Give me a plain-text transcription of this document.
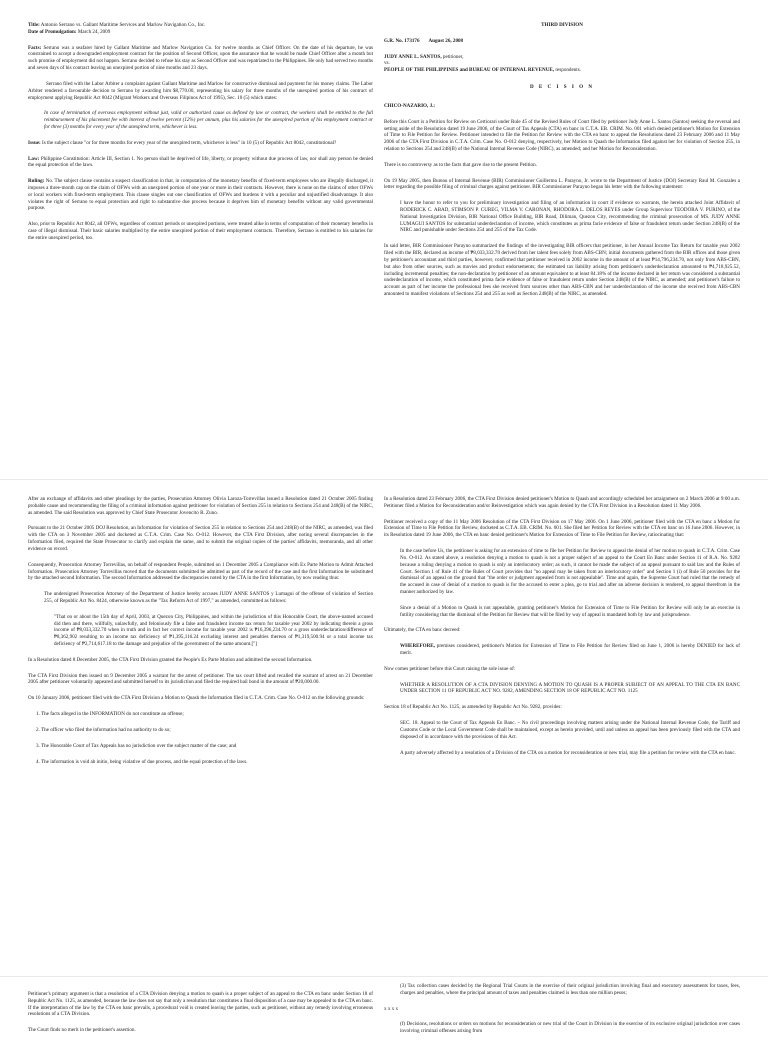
Title: Antonio Serrano vs. Gallant Maritime Services and Marlow Navigation Co., Inc.

Date of Promulgation: March 24, 2009

Facts: Serrano was a seafarer hired by Gallant Maritime and Marlow Navigation Co. for twelve months as Chief Officer. On the date of his departure, he was constrained to accept a downgraded employment contract for the position of Second Officer, upon the assurance that he would be made Chief Officer after a month but such promise of employment did not happen. Serrano decided to refuse his stay as Second Officer and was repatriated to the Philippines. He only had served two months and seven days of his contract leaving an unexpired portion of nine months and 23 days.

Serrano filed with the Labor Arbiter a complaint against Gallant Maritime and Marlow for constructive dismissal and payment for his money claims. The Labor Arbiter rendered a favourable decision to Serrano by awarding him $8,770.00, representing his salary for three months of the unexpired portion of his contract of employment applying Republic Act 8042 (Migrant Workers and Overseas Filipinos Act of 1995), Sec. 10 (5) which states:

In case of termination of overseas employment without just, valid or authorized cause as defined by law or contract, the workers shall be entitled to the full reimbursement of his placement fee with interest of twelve percent (12%) per annum, plus his salaries for the unexpired portion of his employment contract or for three (3) months for every year of the unexpired term, whichever is less.

Issue: Is the subject clause "or for three months for every year of the unexpired term, whichever is less" in 10 (5) of Republic Act 8042, constitutional?

Law: Philippine Constitution: Article III, Section 1. No person shall be deprived of life, liberty, or property without due process of law, nor shall any person be denied the equal protection of the laws.

Ruling: No. The subject clause contains a suspect classification in that, in computation of the monetary benefits of fixed-term employees who are illegally discharged, it imposes a three-month cap on the claim of OFWs with an unexpired portion of one year or more in their contracts. However, there is none on the claims of other OFWs or local workers with fixed-term employment. This clause singles out one classification of OFWs and burdens it with a peculiar and unjustified disadvantage. It also violates the right of Serrano to equal protection and right to substantive due process because it deprives him of monetary benefits without any valid governmental purpose.

Also, prior to Republic Act 8042, all OFWs, regardless of contract periods or unexpired portions, were treated alike in terms of computation of their monetary benefits in case of illegal dismissal. Their basic salaries multiplied by the entire unexpired portion of their employment contracts. Therefore, Serrano is entitled to his salaries for the entire unexpired period, too.

THIRD DIVISION

G.R. No. 173176 August 26, 2008

JUDY ANNE L. SANTOS, petitioner,

vs.

PEOPLE OF THE PHILIPPINES and BUREAU OF INTERNAL REVENUE, respondents.

D E C I S I O N

CHICO-NAZARIO, J.:

Before this Court is a Petition for Review on Certiorari under Rule 45 of the Revised Rules of Court filed by petitioner Judy Anne L. Santos (Santos) seeking the reversal and setting aside of the Resolution dated 19 June 2006, of the Court of Tax Appeals (CTA) en banc in C.T.A. EB. CRIM. No. 001 which denied petitioner's Motion for Extension of Time to File Petition for Review. Petitioner intended to file the Petition for Review with the CTA en banc to appeal the Resolutions dated 23 February 2006 and 11 May 2006 of the CTA First Division in C.T.A. Crim. Case No. O-012 denying, respectively, her Motion to Quash the Information filed against her for violation of Section 255, in relation to Sections 254 and 248(B) of the National Internal Revenue Code (NIRC), as amended; and her Motion for Reconsideration.

There is no controversy as to the facts that gave rise to the present Petition.

On 19 May 2005, then Bureau of Internal Revenue (BIR) Commissioner Guillermo L. Parayno, Jr. wrote to the Department of Justice (DOJ) Secretary Raul M. Gonzales a letter regarding the possible filing of criminal charges against petitioner. BIR Commissioner Parayno began his letter with the following statement:

I have the honor to refer to you for preliminary investigation and filing of an information in court if evidence so warrants, the herein attached Joint Affidavit of RODERICK C. ABAD, STIMSON P. CUREG, VILMA V. CARONAN, RHODORA L. DELOS REYES under Group Supervisor TEODORA V. PURINO, of the National Investigation Division, BIR National Office Building, BIR Road, Diliman, Quezon City, recommending the criminal prosecution of MS. JUDY ANNE LUMAGUI SANTOS for substantial underdeclaration of income, which constitutes as prima facie evidence of false or fraudulent return under Section 248(B) of the NIRC and punishable under Sections 254 and 255 of the Tax Code.

In said letter, BIR Commissioner Parayno summarized the findings of the investigating BIR officers that petitioner, in her Annual Income Tax Return for taxable year 2002 filed with the BIR, declared an income of ₱8,033,332.70 derived from her talent fees solely from ABS-CBN; initial documents gathered from the BIR offices and those given by petitioner's accountant and third parties, however, confirmed that petitioner received in 2002 income in the amount of at least ₱14,796,234.70, not only from ABS-CBN, but also from other sources, such as movies and product endorsements; the estimated tax liability arising from petitioner's underdeclaration amounted to ₱4,718,925.52, including incremental penalties; the non-declaration by petitioner of an amount equivalent to at least 84.18% of the income declared in her return was considered a substantial underdeclaration of income, which constituted prima facie evidence of false or fraudulent return under Section 248(B) of the NIRC, as amended; and petitioner's failure to account as part of her income the professional fees she received from sources other than ABS-CBN and her underdeclaration of the income she received from ABS-CBN amounted to manifest violations of Sections 254 and 255 as well as Section 248(B) of the NIRC, as amended.

After an exchange of affidavits and other pleadings by the parties, Prosecution Attorney Olivia Laroza-Torrevillas issued a Resolution dated 21 October 2005 finding probable cause and recommending the filing of a criminal information against petitioner for violation of Section 255 in relation to Sections 254 and 248(B) of the NIRC, as amended. The said Resolution was approved by Chief State Prosecutor Jovencito R. Zuno.

Pursuant to the 21 October 2005 DOJ Resolution, an Information for violation of Section 255 in relation to Sections 254 and 248(B) of the NIRC, as amended, was filed with the CTA on 3 November 2005 and docketed as C.T.A. Crim. Case No. O-012. However, the CTA First Division, after noting several discrepancies in the Information filed, required the State Prosecutor to clarify and explain the same, and to submit the original copies of the parties' affidavits, memoranda, and all other evidence on record.

Consequently, Prosecution Attorney Torrevillas, on behalf of respondent People, submitted on 1 December 2005 a Compliance with Ex Parte Motion to Admit Attached Information. Prosecution Attorney Torrevillas moved that the documents submitted be admitted as part of the record of the case and the first Information be substituted by the attached second Information. The second Information addressed the discrepancies noted by the CTA in the first Information, by now reading thus:

The undersigned Prosecution Attorney of the Department of Justice hereby accuses JUDY ANNE SANTOS y Lumagui of the offense of violation of Section 255, of Republic Act No. 8424, otherwise known as the "Tax Reform Act of 1997," as amended, committed as follows:

"That on or about the 15th day of April, 2003, at Quezon City, Philippines, and within the jurisdiction of this Honorable Court, the above-named accused did then and there, willfully, unlawfully, and feloniously file a false and fraudulent income tax return for taxable year 2002 by indicating therein a gross income of ₱8,033,332.70 when in truth and in fact her correct income for taxable year 2002 is ₱16,396,234.70 or a gross underdeclaration/difference of ₱8,362,902 resulting to an income tax deficiency of ₱1,395,116.24 excluding interest and penalties thereon of ₱1,319,500.94 or a total income tax deficiency of ₱2,714,617.18 to the damage and prejudice of the government of the same amount.["]

In a Resolution dated 8 December 2005, the CTA First Division granted the People's Ex Parte Motion and admitted the second Information.

The CTA First Division then issued on 9 December 2005 a warrant for the arrest of petitioner. The tax court lifted and recalled the warrant of arrest on 21 December 2005 after petitioner voluntarily appeared and submitted herself to its jurisdiction and filed the required bail bond in the amount of ₱20,000.00.

On 10 January 2006, petitioner filed with the CTA First Division a Motion to Quash the Information filed in C.T.A. Crim. Case No. O-012 on the following grounds:

1. The facts alleged in the INFORMATION do not constitute an offense;
2. The officer who filed the information had no authority to do so;
3. The Honorable Court of Tax Appeals has no jurisdiction over the subject matter of the case; and
4. The information is void ab initio, being violative of due process, and the equal protection of the laws.

In a Resolution dated 23 February 2006, the CTA First Division denied petitioner's Motion to Quash and accordingly scheduled her arraignment on 2 March 2006 at 9:00 a.m. Petitioner filed a Motion for Reconsideration and/or Reinvestigation which was again denied by the CTA First Division in a Resolution dated 11 May 2006.

Petitioner received a copy of the 11 May 2006 Resolution of the CTA First Division on 17 May 2006. On 1 June 2006, petitioner filed with the CTA en banc a Motion for Extension of Time to File Petition for Review, docketed as C.T.A. EB. CRIM. No. 001. She filed her Petition for Review with the CTA en banc on 16 June 2006. However, in its Resolution dated 19 June 2006, the CTA en banc denied petitioner's Motion for Extension of Time to File Petition for Review, ratiocinating that:

In the case before Us, the petitioner is asking for an extension of time to file her Petition for Review to appeal the denial of her motion to quash in C.T.A. Crim. Case No. O-012. As stated above, a resolution denying a motion to quash is not a proper subject of an appeal to the Court En Banc under Section 11 of R.A. No. 9282 because a ruling denying a motion to quash is only an interlocutory order; as such, it cannot be made the subject of an appeal pursuant to said law and the Rules of Court. Section 1 of Rule 41 of the Rules of Court provides that "no appeal may be taken from an interlocutory order" and Section 1 (i) of Rule 50 provides for the dismissal of an appeal on the ground that "the order or judgment appealed from is not appealable". Time and again, the Supreme Court had ruled that the remedy of the accused in case of denial of a motion to quash is for the accused to enter a plea, go to trial and after an adverse decision is rendered, to appeal therefrom in the manner authorized by law.

Since a denial of a Motion to Quash is not appealable, granting petitioner's Motion for Extension of Time to File Petition for Review will only be an exercise in futility considering that the dismissal of the Petition for Review that will be filed by way of appeal is mandated both by law and jurisprudence.

Ultimately, the CTA en banc decreed:

WHEREFORE, premises considered, petitioner's Motion for Extension of Time to File Petition for Review filed on June 1, 2006 is hereby DENIED for lack of merit.

Now comes petitioner before this Court raising the sole issue of:

WHETHER A RESOLUTION OF A CTA DIVISION DENYING A MOTION TO QUASH IS A PROPER SUBJECT OF AN APPEAL TO THE CTA EN BANC UNDER SECTION 11 OF REPUBLIC ACT NO. 9282, AMENDING SECTION 18 OF REPUBLIC ACT NO. 1125

Section 18 of Republic Act No. 1125, as amended by Republic Act No. 9282, provides:

SEC. 18. Appeal to the Court of Tax Appeals En Banc. – No civil proceedings involving matters arising under the National Internal Revenue Code, the Tariff and Customs Code or the Local Government Code shall be maintained, except as herein provided, until and unless an appeal has been previously filed with the CTA and disposed of in accordance with the provisions of this Act.

A party adversely affected by a resolution of a Division of the CTA on a motion for reconsideration or new trial, may file a petition for review with the CTA en banc.

Petitioner's primary argument is that a resolution of a CTA Division denying a motion to quash is a proper subject of an appeal to the CTA en banc under Section 18 of Republic Act No. 1125, as amended, because the law does not say that only a resolution that constitutes a final disposition of a case may be appealed to the CTA en banc. If the interpretation of the law by the CTA en banc prevails, a procedural void is created leaving the parties, such as petitioner, without any remedy involving erroneous resolutions of a CTA Division.

The Court finds no merit in the petitioner's assertion.

(3) Tax collection cases decided by the Regional Trial Courts in the exercise of their original jurisdiction involving final and executory assessments for taxes, fees, charges and penalties, where the principal amount of taxes and penalties claimed is less than one million pesos;

x x x x

(f) Decisions, resolutions or orders on motions for reconsideration or new trial of the Court in Division in the exercise of its exclusive original jurisdiction over cases involving criminal offenses arising from
